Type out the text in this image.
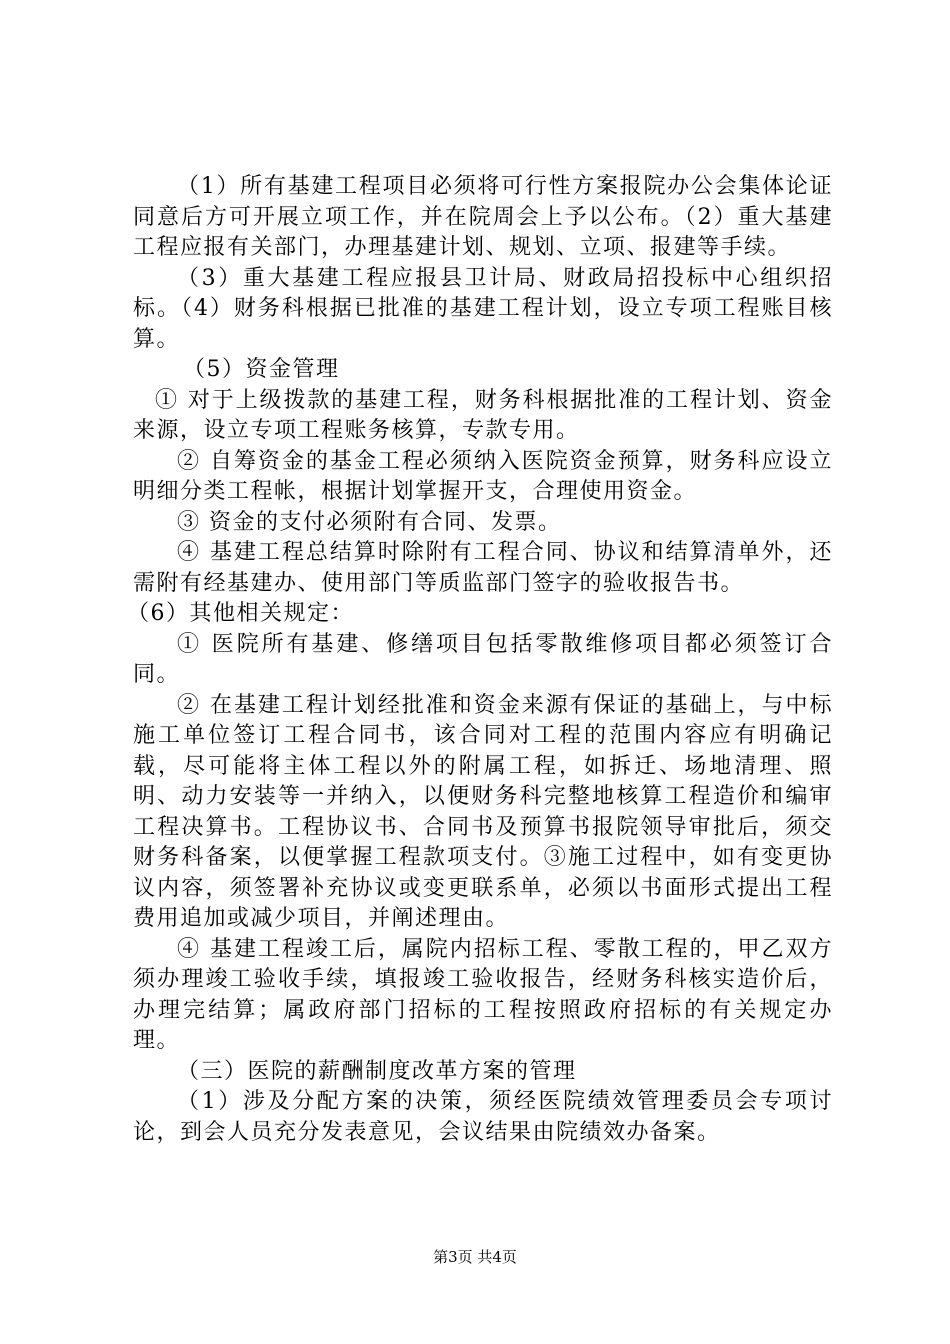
（1）所有基建工程项目必须将可行性方案报院办公会集体论证同意后方可开展立项工作，并在院周会上予以公布。（2）重大基建工程应报有关部门，办理基建计划、规划、立项、报建等手续。

（3）重大基建工程应报县卫计局、财政局招投标中心组织招标。（4）财务科根据已批准的基建工程计划，设立专项工程账目核算。

（5）资金管理

① 对于上级拨款的基建工程，财务科根据批准的工程计划、资金来源，设立专项工程账务核算，专款专用。

② 自筹资金的基金工程必须纳入医院资金预算，财务科应设立明细分类工程帐，根据计划掌握开支，合理使用资金。

③ 资金的支付必须附有合同、发票。

④ 基建工程总结算时除附有工程合同、协议和结算清单外，还需附有经基建办、使用部门等质监部门签字的验收报告书。

（6）其他相关规定：

① 医院所有基建、修缮项目包括零散维修项目都必须签订合同。

② 在基建工程计划经批准和资金来源有保证的基础上，与中标施工单位签订工程合同书，该合同对工程的范围内容应有明确记载，尽可能将主体工程以外的附属工程，如拆迁、场地清理、照明、动力安装等一并纳入，以便财务科完整地核算工程造价和编审工程决算书。工程协议书、合同书及预算书报院领导审批后，须交财务科备案，以便掌握工程款项支付。③施工过程中，如有变更协议内容，须签署补充协议或变更联系单，必须以书面形式提出工程费用追加或减少项目，并阐述理由。

④ 基建工程竣工后，属院内招标工程、零散工程的，甲乙双方须办理竣工验收手续，填报竣工验收报告，经财务科核实造价后，办理完结算；属政府部门招标的工程按照政府招标的有关规定办理。

（三）医院的薪酬制度改革方案的管理

（1）涉及分配方案的决策，须经医院绩效管理委员会专项讨论，到会人员充分发表意见，会议结果由院绩效办备案。

第3页 共4页
